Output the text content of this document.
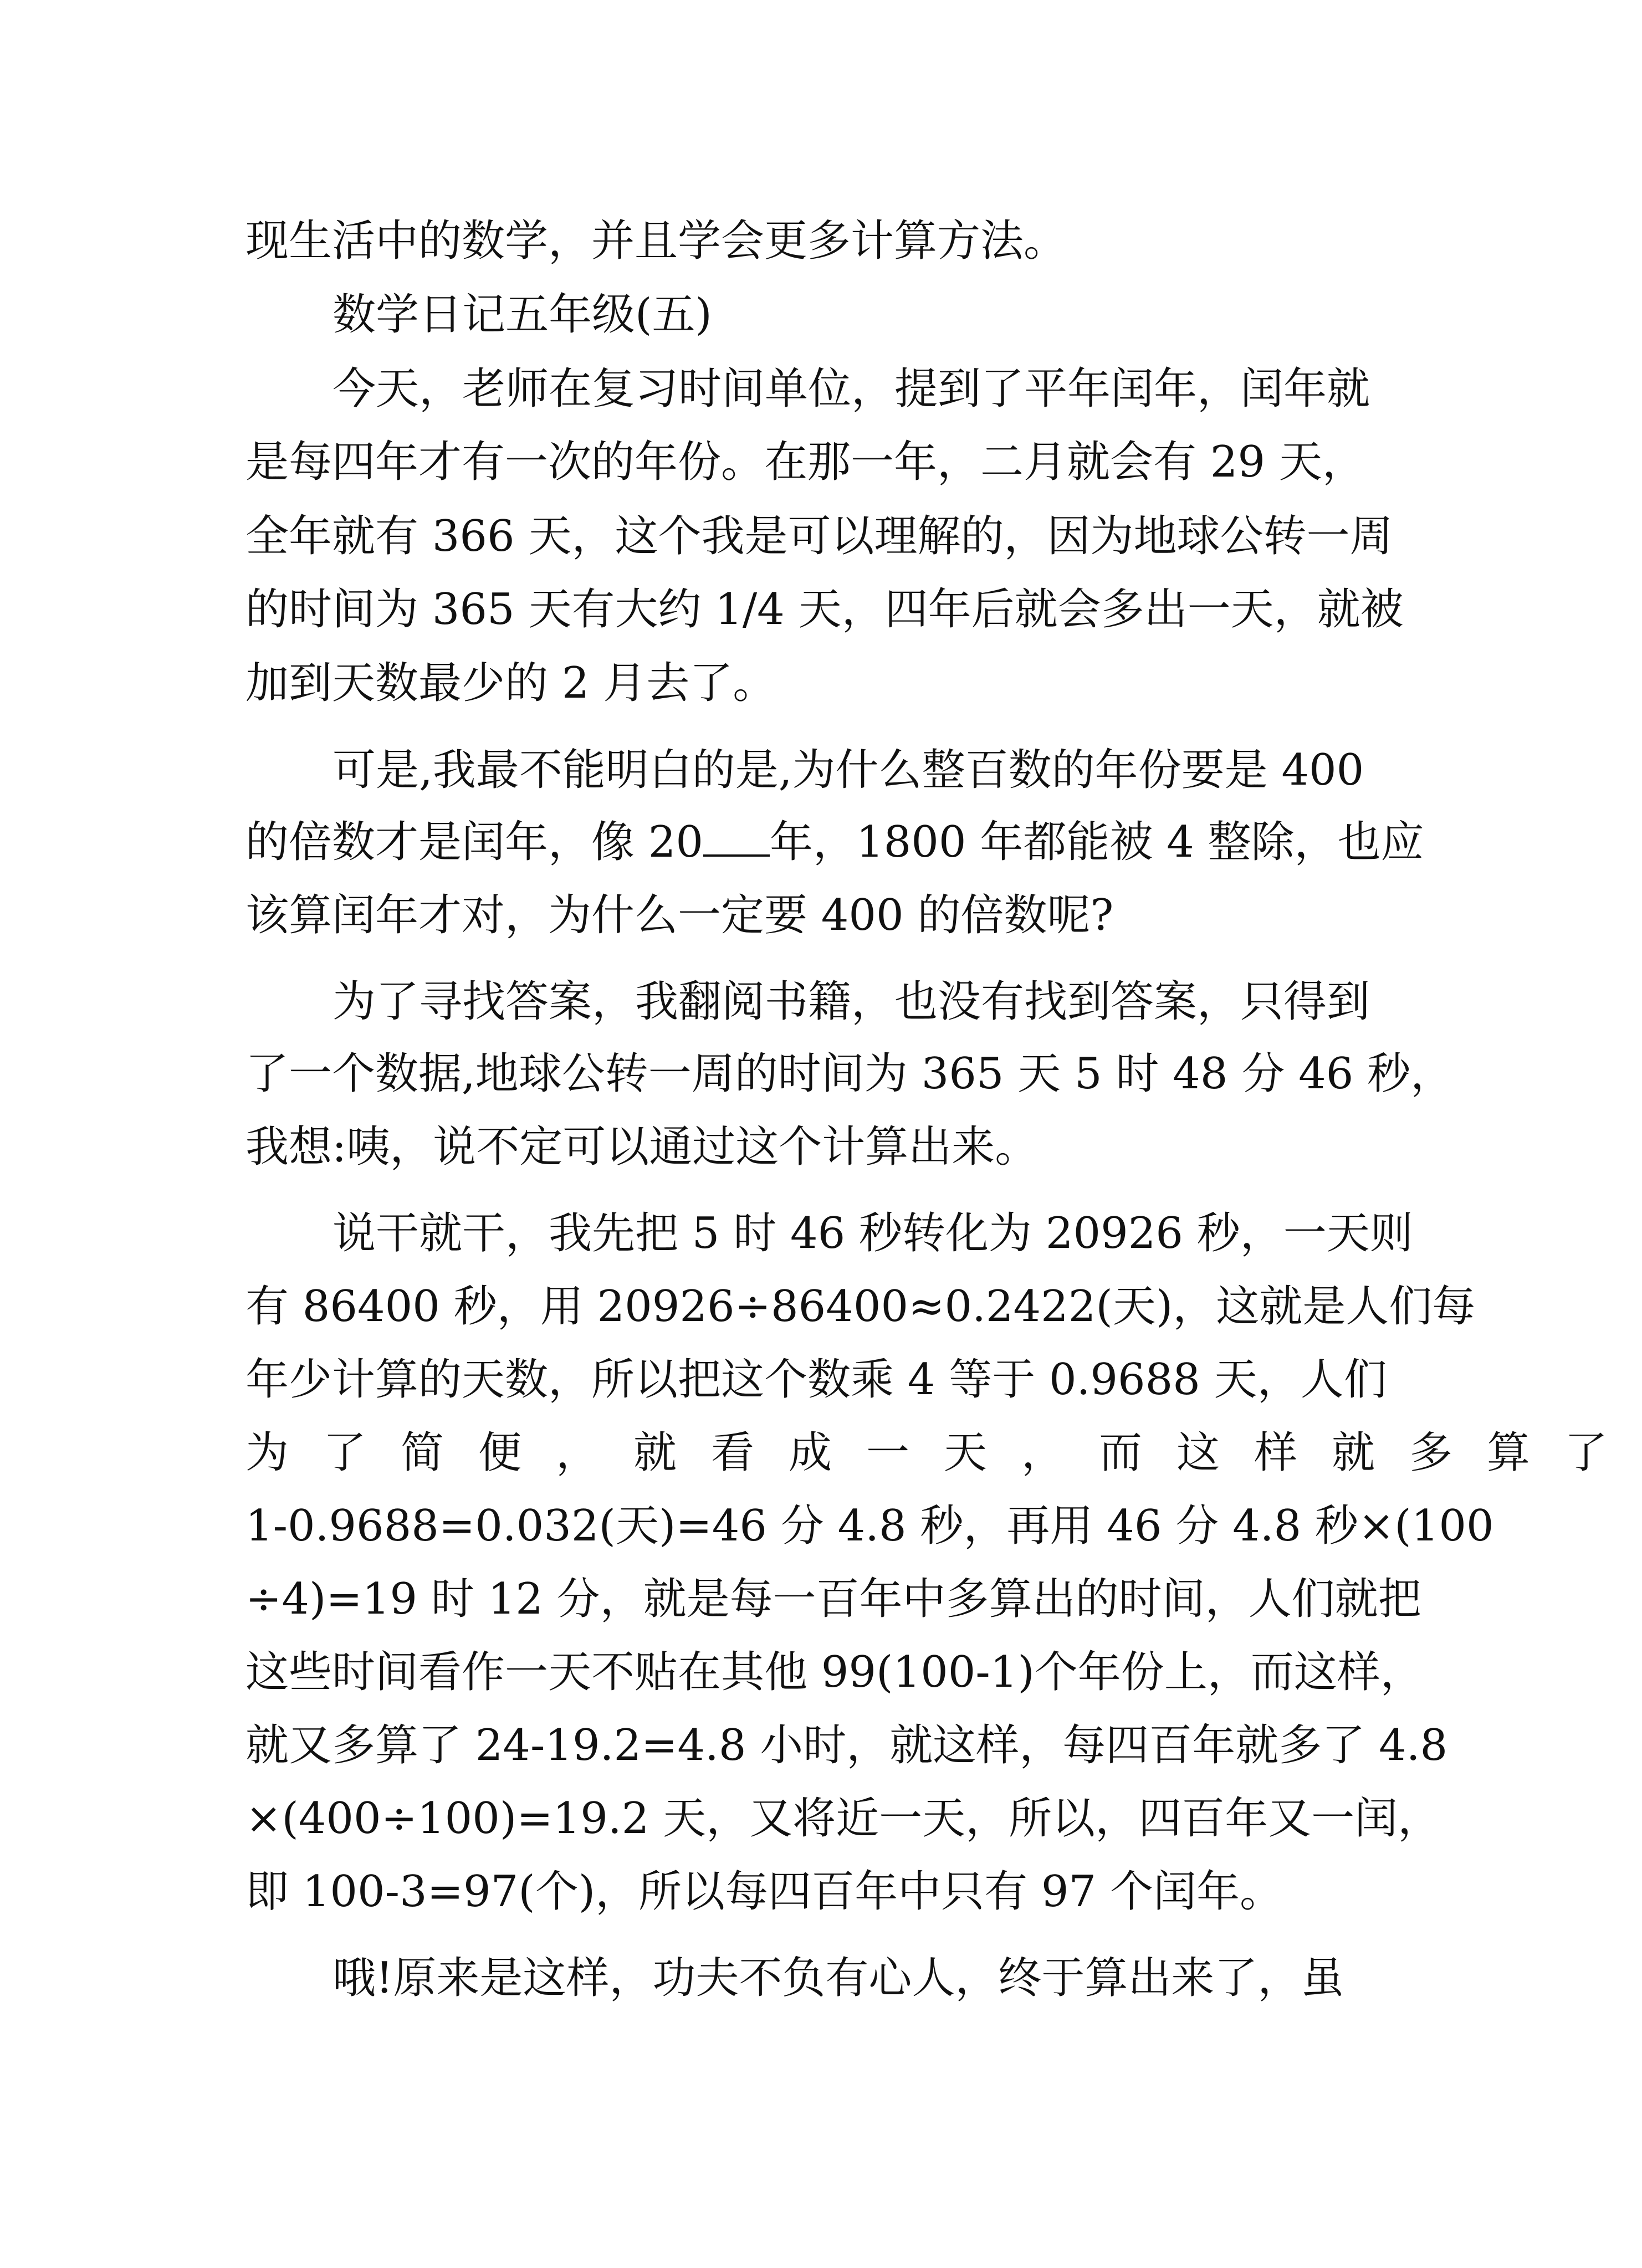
现生活中的数学，并且学会更多计算方法。
数学日记五年级(五)
今天，老师在复习时间单位，提到了平年闰年，闰年就
是每四年才有一次的年份。在那一年，二月就会有 29 天，
全年就有 366 天，这个我是可以理解的，因为地球公转一周
的时间为 365 天有大约 1/4 天，四年后就会多出一天，就被
加到天数最少的 2 月去了。
可是,我最不能明白的是,为什么整百数的年份要是 400
的倍数才是闰年，像 20 年，1800 年都能被 4 整除，也应
该算闰年才对，为什么一定要 400 的倍数呢?
为了寻找答案，我翻阅书籍，也没有找到答案，只得到
了一个数据,地球公转一周的时间为 365 天 5 时 48 分 46 秒，
我想:咦，说不定可以通过这个计算出来。
说干就干，我先把 5 时 46 秒转化为 20926 秒，一天则
有 86400 秒，用 20926÷86400≈0.2422(天)，这就是人们每
年少计算的天数，所以把这个数乘 4 等于 0.9688 天，人们
为了简便，就看成一天，而这样就多算了
1-0.9688=0.032(天)=46 分 4.8 秒，再用 46 分 4.8 秒×(100
÷4)=19 时 12 分，就是每一百年中多算出的时间，人们就把
这些时间看作一天不贴在其他 99(100-1)个年份上，而这样，
就又多算了 24-19.2=4.8 小时，就这样，每四百年就多了 4.8
×(400÷100)=19.2 天，又将近一天，所以，四百年又一闰，
即 100-3=97(个)，所以每四百年中只有 97 个闰年。
哦!原来是这样，功夫不负有心人，终于算出来了，虽
